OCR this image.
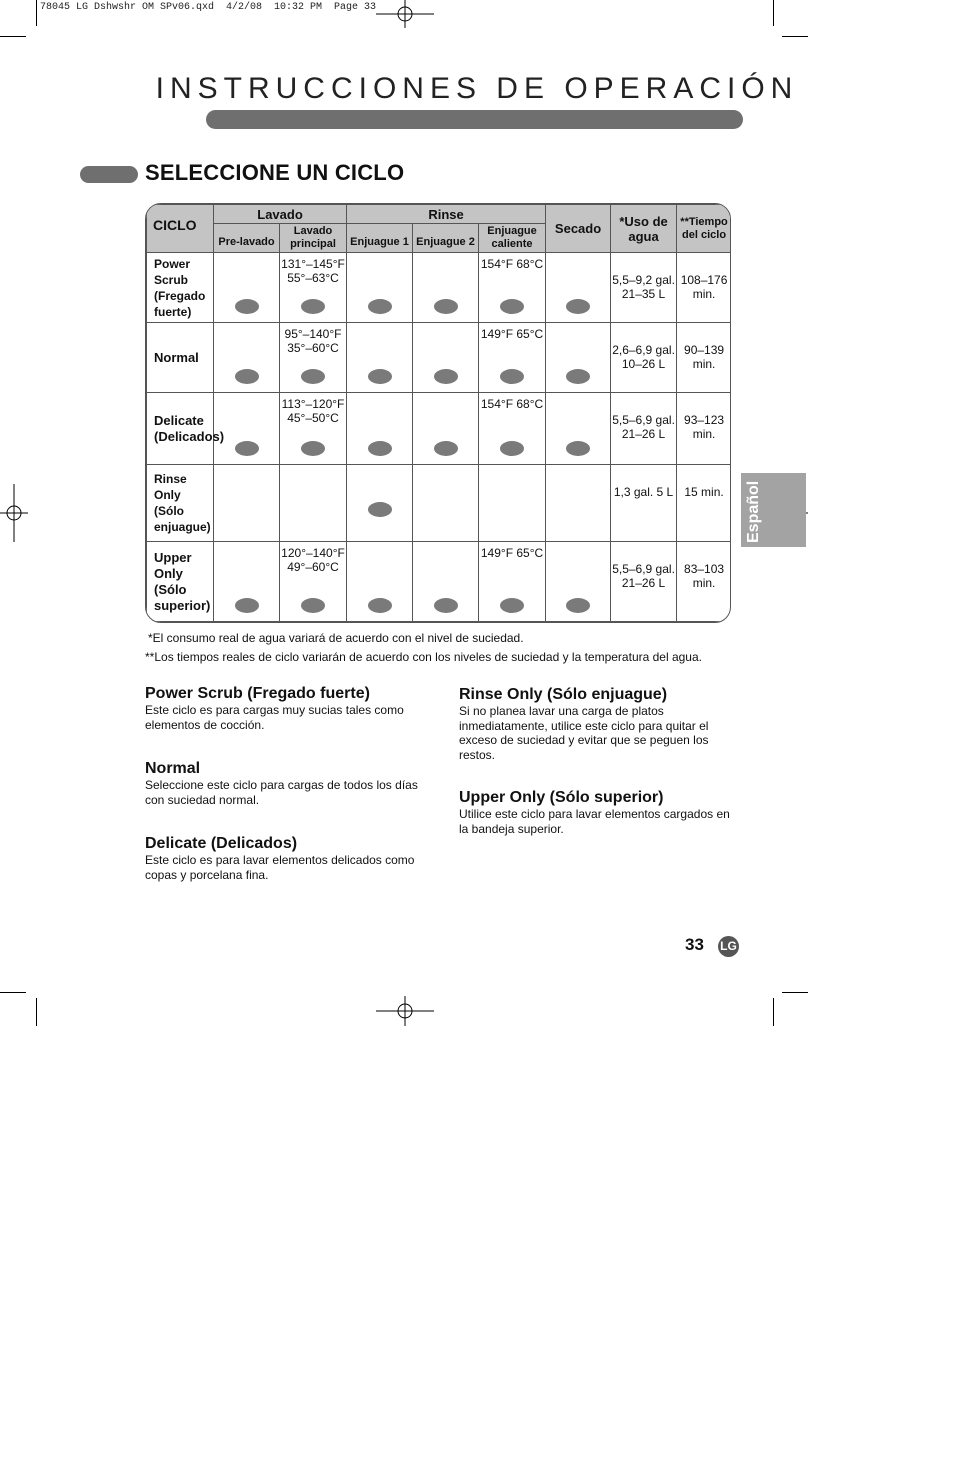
78045 LG Dshwshr OM SPv06.qxd  4/2/08  10:32 PM  Page 33
INSTRUCCIONES DE OPERACIÓN
SELECCIONE UN CICLO
CICLO	Lavado		Rinse			Secado	*Uso de agua	**Tiempo del ciclo
	Pre-lavado	Lavado principal	Enjuague 1	Enjuague 2	Enjuague caliente			
Power Scrub (Fregado fuerte)		131°–145°F 55°–63°C			154°F 68°C		5,5–9,2 gal. 21–35 L	108–176 min.
Normal		95°–140°F 35°–60°C			149°F 65°C		2,6–6,9 gal. 10–26 L	90–139 min.
Delicate (Delicados)		113°–120°F 45°–50°C			154°F 68°C		5,5–6,9 gal. 21–26 L	93–123 min.
Rinse Only (Sólo enjuague)							1,3 gal. 5 L	15 min.
Upper Only (Sólo superior)		120°–140°F 49°–60°C			149°F 65°C		5,5–6,9 gal. 21–26 L	83–103 min.
*El consumo real de agua variará de acuerdo con el nivel de suciedad.
**Los tiempos reales de ciclo variarán de acuerdo con los niveles de suciedad y la temperatura del agua.
Power Scrub (Fregado fuerte)
Este ciclo es para cargas muy sucias tales como elementos de cocción.
Normal
Seleccione este ciclo para cargas de todos los días con suciedad normal.
Delicate (Delicados)
Este ciclo es para lavar elementos delicados como copas y porcelana fina.
Rinse Only (Sólo enjuague)
Si no planea lavar una carga de platos inmediatamente, utilice este ciclo para quitar el exceso de suciedad y evitar que se peguen los restos.
Upper Only (Sólo superior)
Utilice este ciclo para lavar elementos cargados en la bandeja superior.
Español
33 LG
